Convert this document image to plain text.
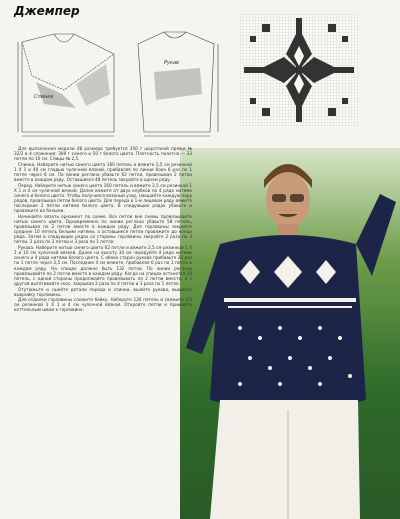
Джемпер
Спинка
Рукав

Для выполнения модели 48 размера требуется 350 г шерстяной пряжи № 32/2 в 4 сложения: 300 г синего и 50 г белого цвета. Плотность полотна — 33 петли по 10 см. Спицы № 2,5.

Спинка. Наберите нитью синего цвета 160 петель и вяжите 2,5 см резинкой 1 Х 1 и 40 см гладью чулочной вязкой, прибавляя по линии бока 6 раз по 1 петле через 6 см. По линии реглана убавьте 62 петли, провязывая 2 петли вместе в каждом ряду. Оставшиеся 48 петель закройте в одном ряду.

Перед. Наберите нитью синего цвета 160 петель и вяжите 2,5 см резинкой 1 Х 1 и 4 см чулочной вязкой. Далее вяжите от двух клубков по 4 ряда нитями синего и белого цвета. Чтобы получился вязаный узор, смещайте каждую пару рядов, провязывая петли белого цвета. Для переда в 1-м лицевом ряду вяжите последние 2 петли нитями белого цвета. В следующих рядах убавьте и провяжите их белыми.

Начинайте вязать орнамент по схеме. Все петли вне схемы провязывайте нитью синего цвета. Одновременно по линии реглана убавьте 58 петель, провязывая по 2 петли вместе в каждом ряду. Для горловины закройте средние 10 петель белыми нитями, а оставшиеся петли провяжите до конца ряда. Затем в следующих рядах со стороны горловины закройте 2 раза по 3 петли, 2 раза по 2 петли и 3 раза по 1 петле.

Рукава. Наберите нитью синего цвета 62 петли и вяжите 2,5 см резинкой 1 Х 1 и 10 см чулочной вязкой. Далее на высоту 34 см чередуйте 4 ряда нитями синего и 4 ряда нитями белого цвета. С обеих сторон рукава прибавьте 20 раз по 1 петле через 2,5 см. Последние 4 см вяжите, прибавляя 6 раз по 1 петле в каждом ряду. На спицах должно быть 132 петли. По линии реглана провязывайте по 2 петли вместе в каждом ряду. Когда на спицах останется 18 петель, с одной стороны продолжайте провязывать по 2 петли вместе, а с другой вытягивайте скос, закрывая 2 раза по 4 петли и 3 раза по 1 петле.

Отутюжьте и сшейте детали переда и спинки, вшейте рукава, вышейте выкройку горловины.

Для отделки горловины сложите бейку. Наберите 126 петель и свяжите 2,5 см резинкой 1 Х 1 и 4 см чулочной вязкой. Откройте петли и пришейте кеттельным швом к горловине.
